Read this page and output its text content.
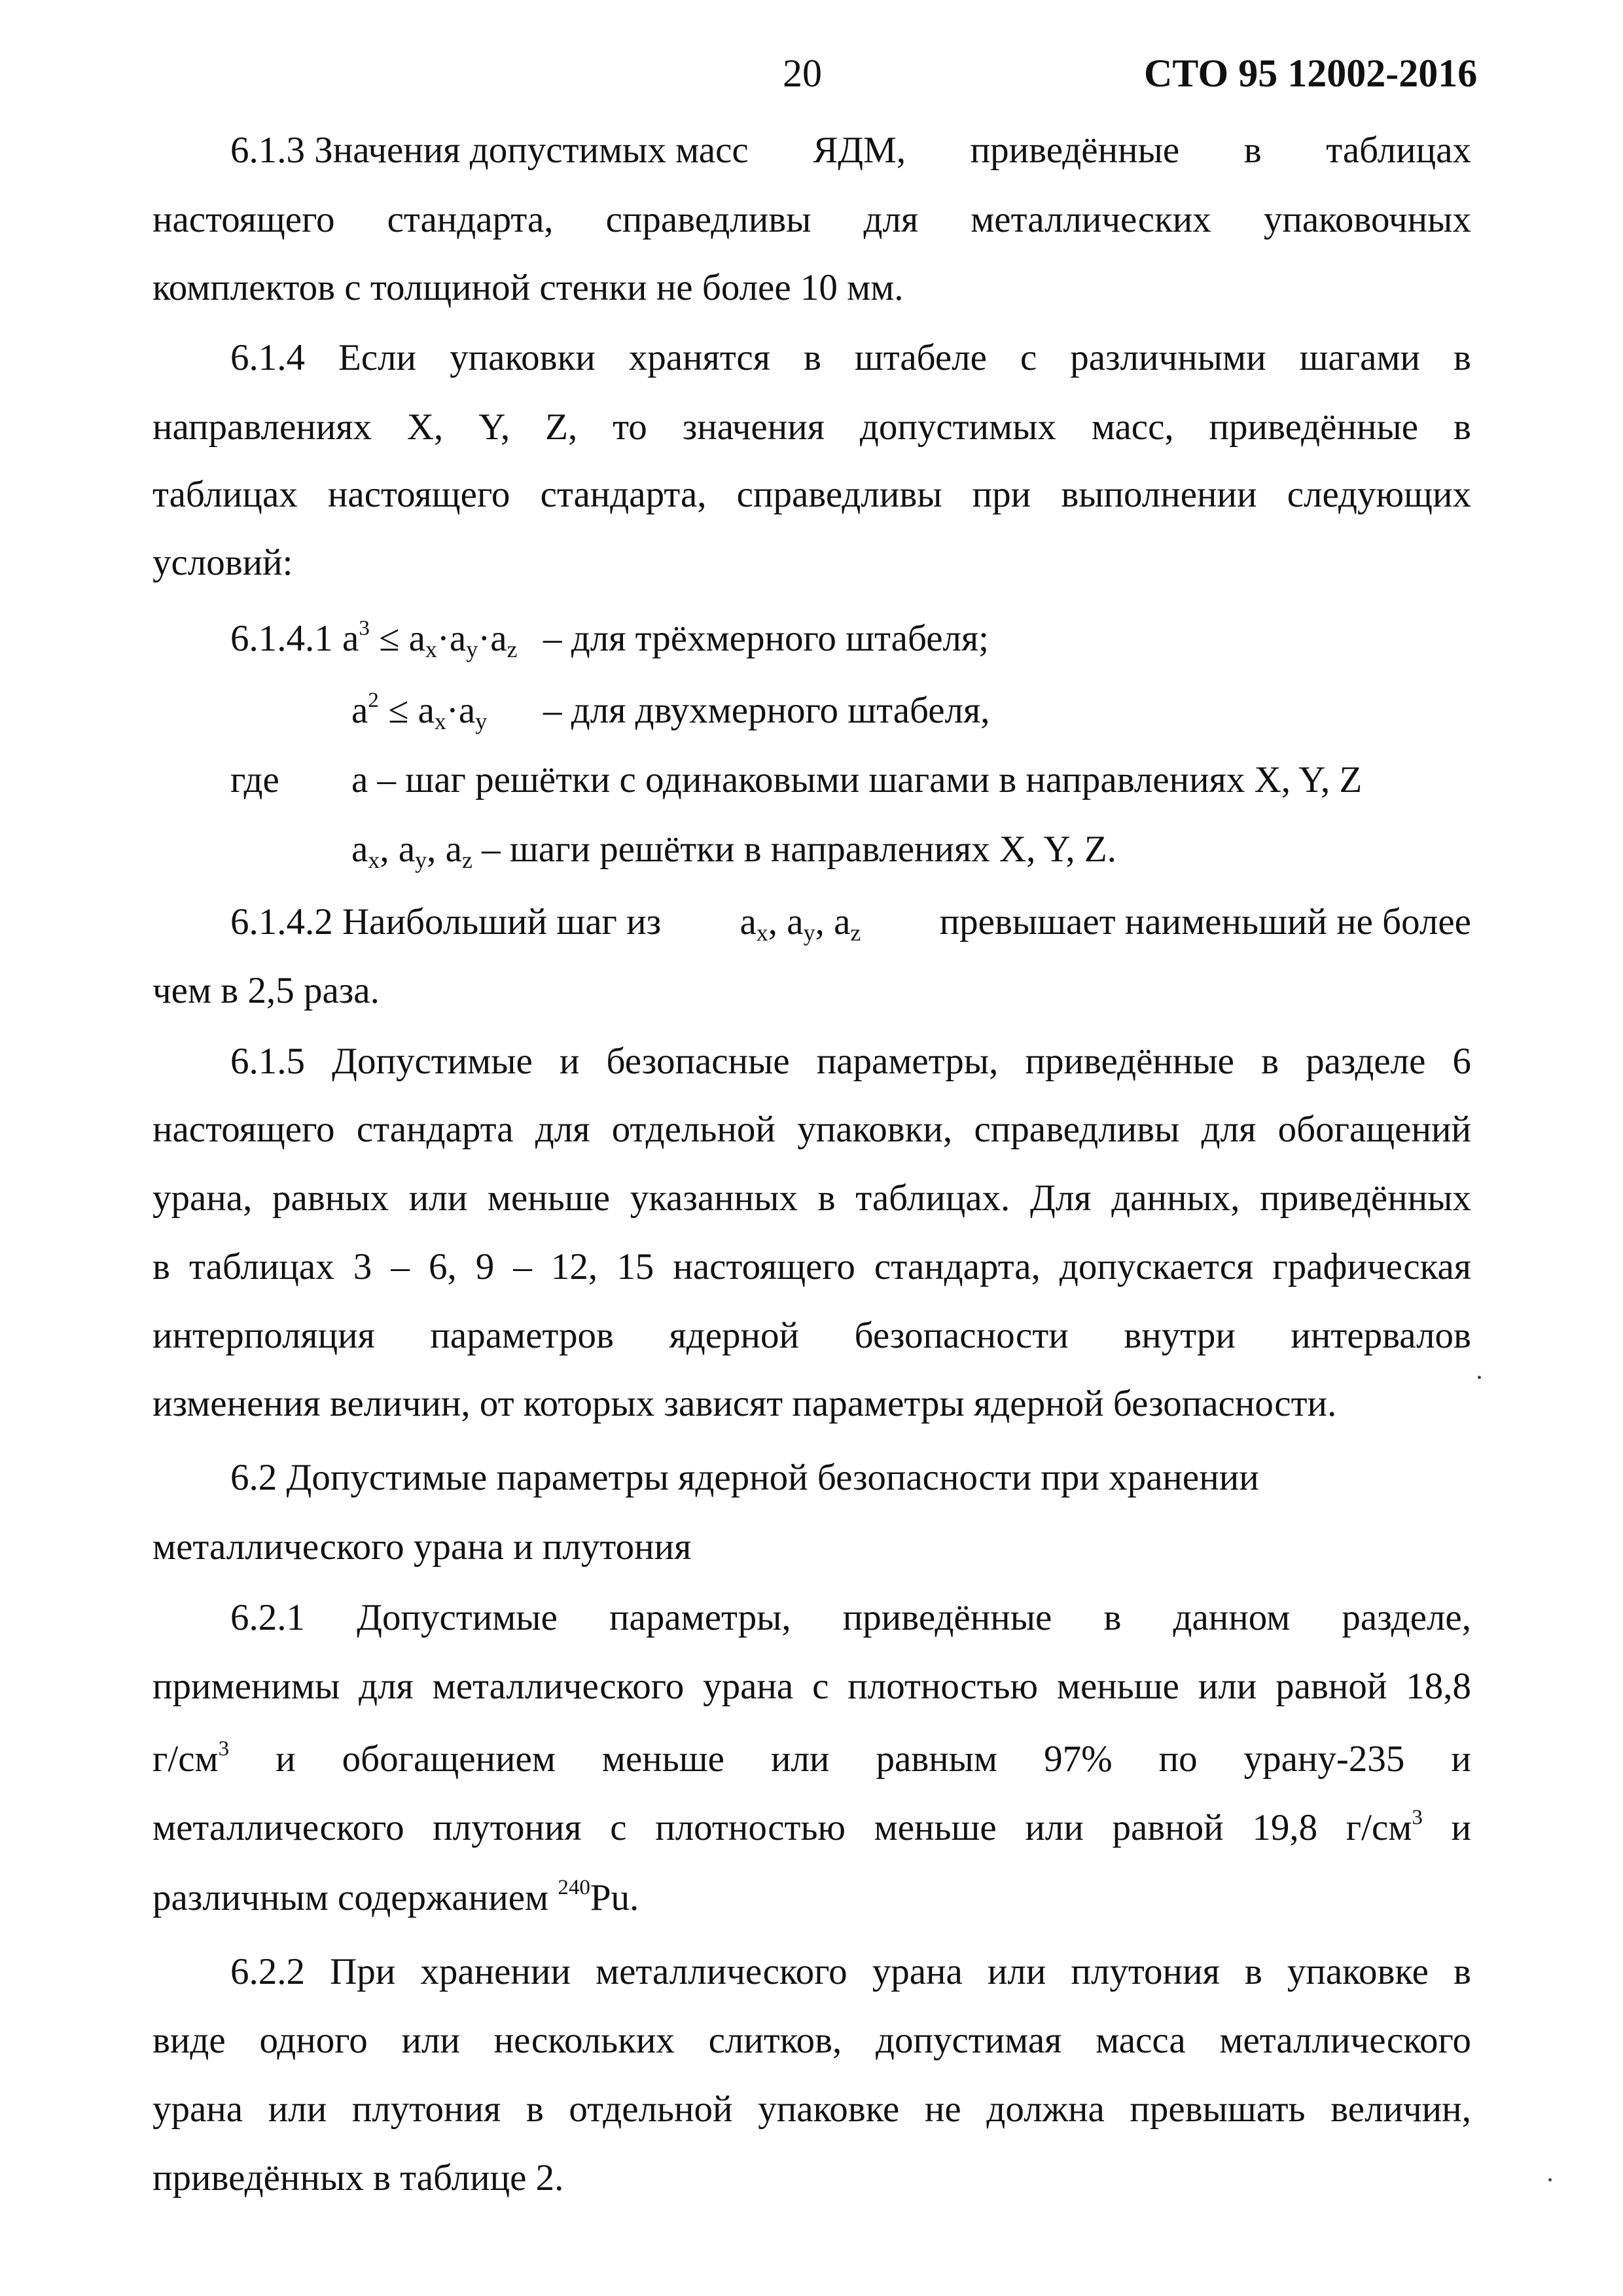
20	СТО 95 12002-2016
6.1.3 Значения допустимых масс ЯДМ, приведённые в таблицах
настоящего стандарта, справедливы для металлических упаковочных
комплектов с толщиной стенки не более 10 мм.
6.1.4 Если упаковки хранятся в штабеле с различными шагами в
направлениях X, Y, Z, то значения допустимых масс, приведённые в
таблицах настоящего стандарта, справедливы при выполнении следующих
условий:
6.1.4.1 $a^3 \le a_x\cdot a_y\cdot a_z$ – для трёхмерного штабеля;
$a^2 \le a_x\cdot a_y$ – для двухмерного штабеля,
где a – шаг решётки с одинаковыми шагами в направлениях X, Y, Z
$a_x$, $a_y$, $a_z$ – шаги решётки в направлениях X, Y, Z.
6.1.4.2 Наибольший шаг из $a_x$, $a_y$, $a_z$ превышает наименьший не более
чем в 2,5 раза.
6.1.5 Допустимые и безопасные параметры, приведённые в разделе 6
настоящего стандарта для отдельной упаковки, справедливы для обогащений
урана, равных или меньше указанных в таблицах. Для данных, приведённых
в таблицах 3 – 6, 9 – 12, 15 настоящего стандарта, допускается графическая
интерполяция параметров ядерной безопасности внутри интервалов
изменения величин, от которых зависят параметры ядерной безопасности.
6.2 Допустимые параметры ядерной безопасности при хранении
металлического урана и плутония
6.2.1 Допустимые параметры, приведённые в данном разделе,
применимы для металлического урана с плотностью меньше или равной 18,8
$г/см^3$ и обогащением меньше или равным 97% по урану-235 и
металлического плутония с плотностью меньше или равной 19,8 $г/см^3$ и
различным содержанием $^{240}$Pu.
6.2.2 При хранении металлического урана или плутония в упаковке в
виде одного или нескольких слитков, допустимая масса металлического
урана или плутония в отдельной упаковке не должна превышать величин,
приведённых в таблице 2.
